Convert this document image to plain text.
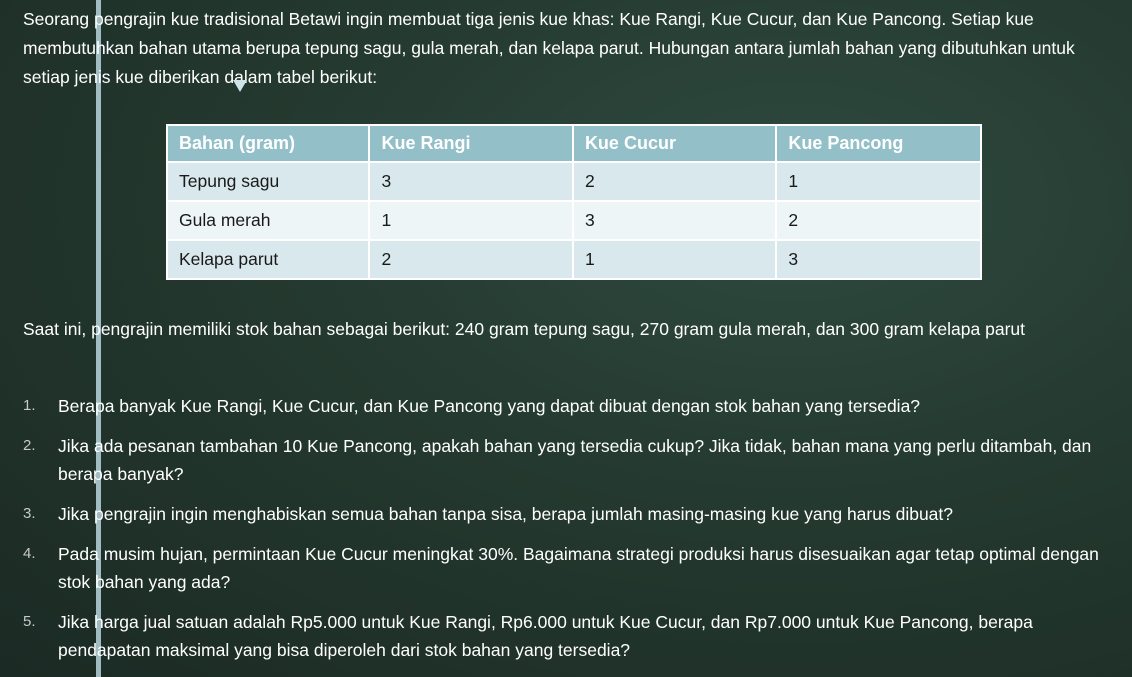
Seorang pengrajin kue tradisional Betawi ingin membuat tiga jenis kue khas: Kue Rangi, Kue Cucur, dan Kue Pancong. Setiap kue membutuhkan bahan utama berupa tepung sagu, gula merah, dan kelapa parut. Hubungan antara jumlah bahan yang dibutuhkan untuk setiap jenis kue diberikan dalam tabel berikut:

Bahan (gram)	Kue Rangi	Kue Cucur	Kue Pancong
Tepung sagu	3	2	1
Gula merah	1	3	2
Kelapa parut	2	1	3

Saat ini, pengrajin memiliki stok bahan sebagai berikut: 240 gram tepung sagu, 270 gram gula merah, dan 300 gram kelapa parut

1. Berapa banyak Kue Rangi, Kue Cucur, dan Kue Pancong yang dapat dibuat dengan stok bahan yang tersedia?
2. Jika ada pesanan tambahan 10 Kue Pancong, apakah bahan yang tersedia cukup? Jika tidak, bahan mana yang perlu ditambah, dan berapa banyak?
3. Jika pengrajin ingin menghabiskan semua bahan tanpa sisa, berapa jumlah masing-masing kue yang harus dibuat?
4. Pada musim hujan, permintaan Kue Cucur meningkat 30%. Bagaimana strategi produksi harus disesuaikan agar tetap optimal dengan stok bahan yang ada?
5. Jika harga jual satuan adalah Rp5.000 untuk Kue Rangi, Rp6.000 untuk Kue Cucur, dan Rp7.000 untuk Kue Pancong, berapa pendapatan maksimal yang bisa diperoleh dari stok bahan yang tersedia?
